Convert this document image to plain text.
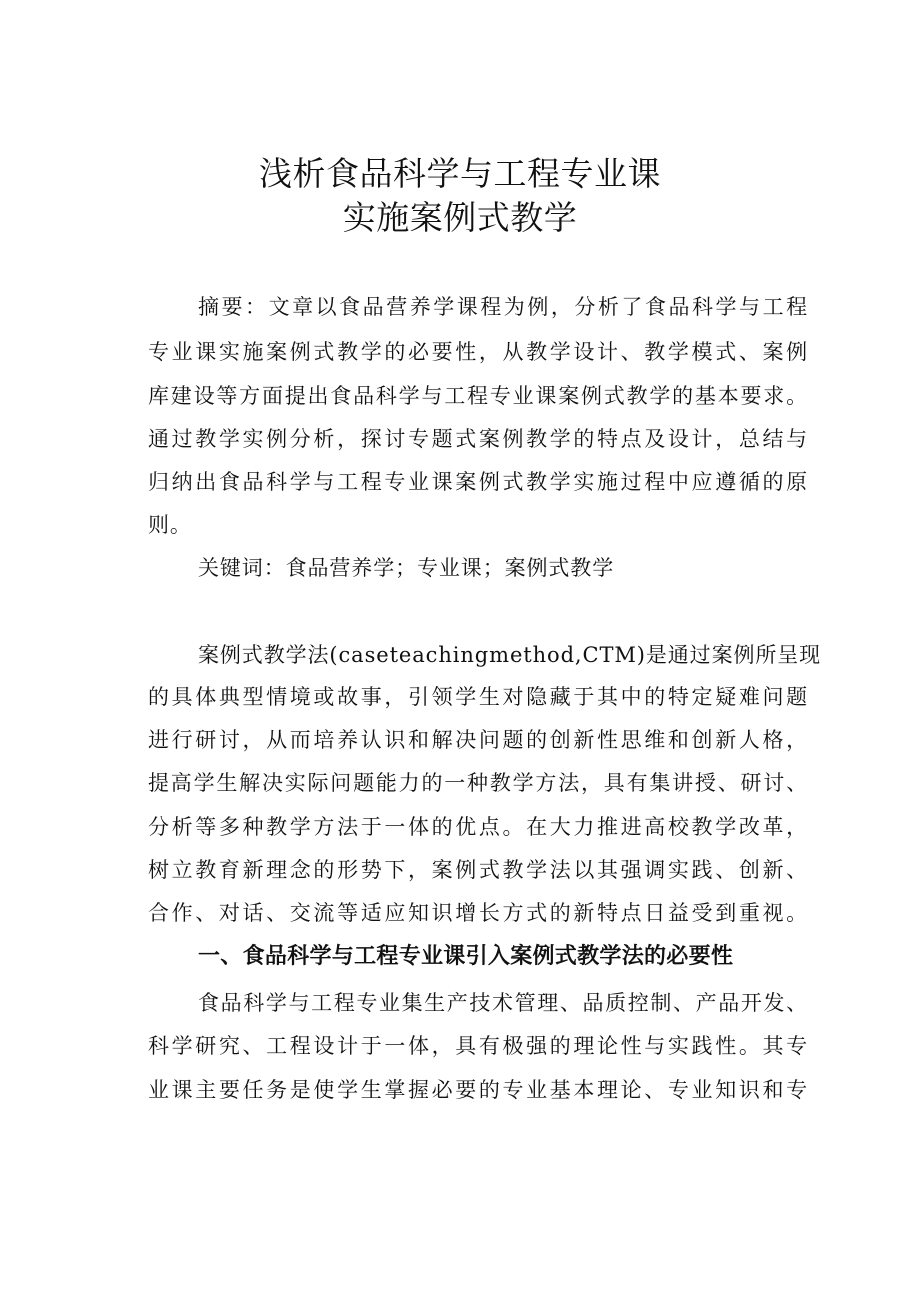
浅析食品科学与工程专业课
实施案例式教学
摘要：文章以食品营养学课程为例，分析了食品科学与工程
专业课实施案例式教学的必要性，从教学设计、教学模式、案例
库建设等方面提出食品科学与工程专业课案例式教学的基本要求。
通过教学实例分析，探讨专题式案例教学的特点及设计，总结与
归纳出食品科学与工程专业课案例式教学实施过程中应遵循的原
则。
关键词：食品营养学；专业课；案例式教学
案例式教学法(caseteachingmethod,CTM)是通过案例所呈现
的具体典型情境或故事，引领学生对隐藏于其中的特定疑难问题
进行研讨，从而培养认识和解决问题的创新性思维和创新人格，
提高学生解决实际问题能力的一种教学方法，具有集讲授、研讨、
分析等多种教学方法于一体的优点。在大力推进高校教学改革，
树立教育新理念的形势下，案例式教学法以其强调实践、创新、
合作、对话、交流等适应知识增长方式的新特点日益受到重视。
一、食品科学与工程专业课引入案例式教学法的必要性
食品科学与工程专业集生产技术管理、品质控制、产品开发、
科学研究、工程设计于一体，具有极强的理论性与实践性。其专
业课主要任务是使学生掌握必要的专业基本理论、专业知识和专
